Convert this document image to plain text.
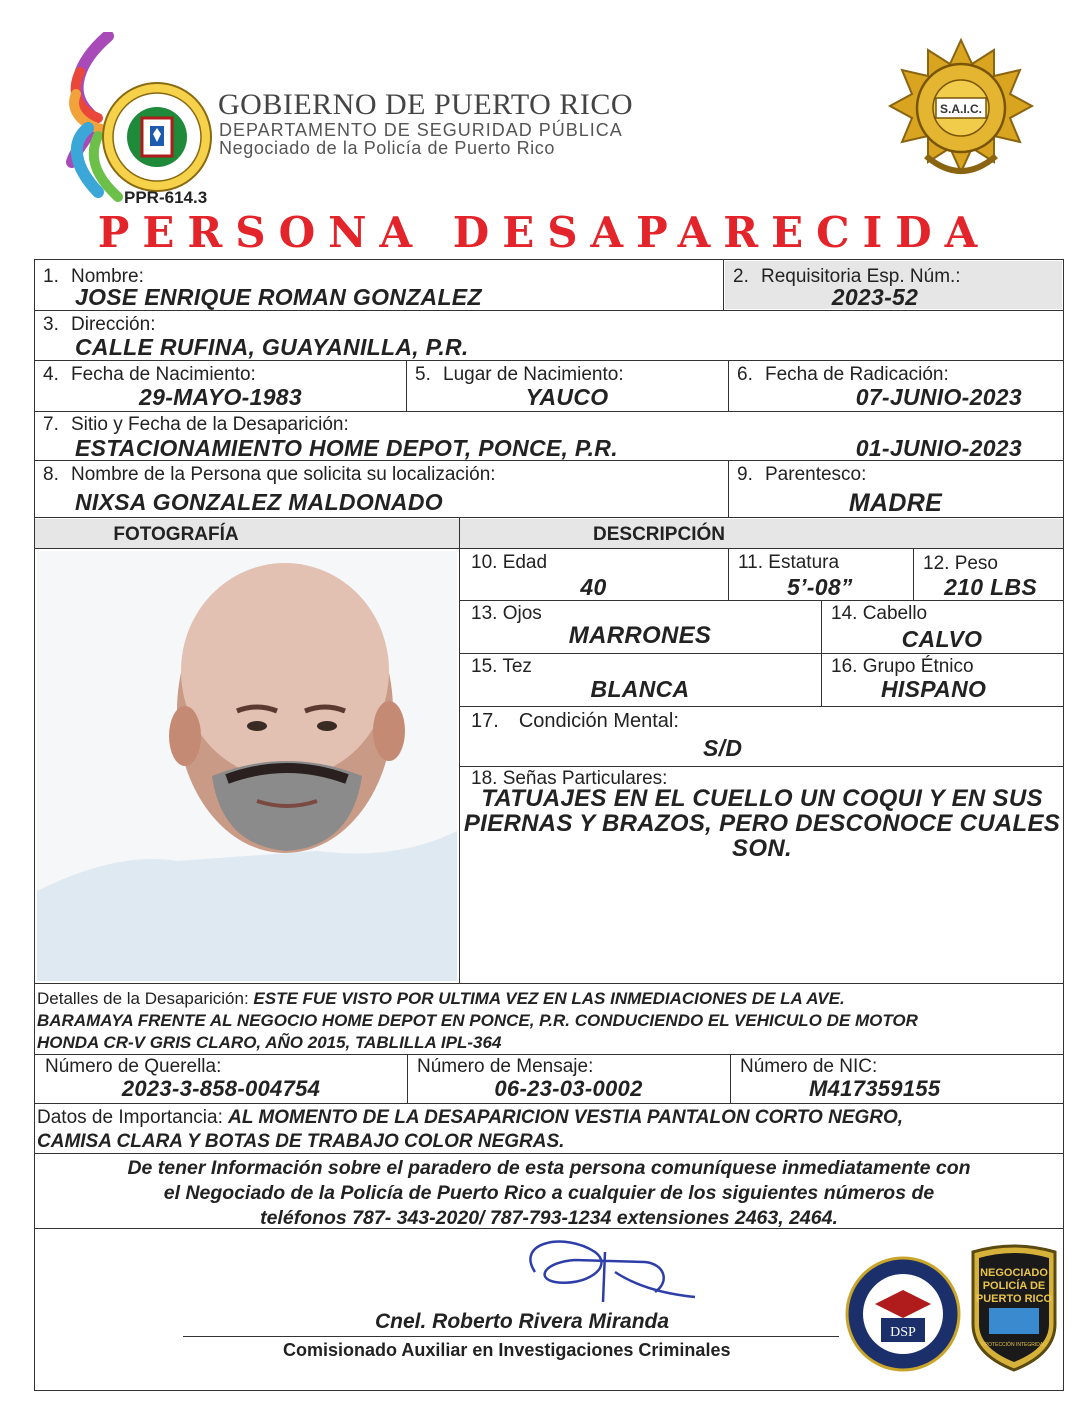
GOBIERNO DE PUERTO RICO
DEPARTAMENTO DE SEGURIDAD PÚBLICA
Negociado de la Policía de Puerto Rico
PPR-614.3
S.A.I.C.
PERSONA DESAPARECIDA
1. Nombre:
JOSE ENRIQUE ROMAN GONZALEZ
2. Requisitoria Esp. Núm.:
2023-52
3. Dirección:
CALLE RUFINA, GUAYANILLA, P.R.
4. Fecha de Nacimiento:
29-MAYO-1983
5. Lugar de Nacimiento:
YAUCO
6. Fecha de Radicación:
07-JUNIO-2023
7. Sitio y Fecha de la Desaparición:
ESTACIONAMIENTO HOME DEPOT, PONCE, P.R.	01-JUNIO-2023
8. Nombre de la Persona que solicita su localización:
NIXSA GONZALEZ MALDONADO
9. Parentesco:
MADRE
FOTOGRAFÍA	DESCRIPCIÓN
10. Edad
40
11. Estatura
5’-08”
12. Peso
210 LBS
13. Ojos
MARRONES
14. Cabello
CALVO
15. Tez
BLANCA
16. Grupo Étnico
HISPANO
17. Condición Mental:
S/D
18. Señas Particulares:
TATUAJES EN EL CUELLO UN COQUI Y EN SUS PIERNAS Y BRAZOS, PERO DESCONOCE CUALES SON.
Detalles de la Desaparición: ESTE FUE VISTO POR ULTIMA VEZ EN LAS INMEDIACIONES DE LA AVE.
BARAMAYA FRENTE AL NEGOCIO HOME DEPOT EN PONCE, P.R. CONDUCIENDO EL VEHICULO DE MOTOR
HONDA CR-V GRIS CLARO, AÑO 2015, TABLILLA IPL-364
Número de Querella:
2023-3-858-004754
Número de Mensaje:
06-23-03-0002
Número de NIC:
M417359155
Datos de Importancia: AL MOMENTO DE LA DESAPARICION VESTIA PANTALON CORTO NEGRO,
CAMISA CLARA Y BOTAS DE TRABAJO COLOR NEGRAS.
De tener Información sobre el paradero de esta persona comuníquese inmediatamente con
el Negociado de la Policía de Puerto Rico a cualquier de los siguientes números de
teléfonos 787- 343-2020/ 787-793-1234 extensiones 2463, 2464.
Cnel. Roberto Rivera Miranda
Comisionado Auxiliar en Investigaciones Criminales
DSP
NEGOCIADO
POLICÍA DE
PUERTO RICO
PROTECCIÓN INTEGRIDAD
